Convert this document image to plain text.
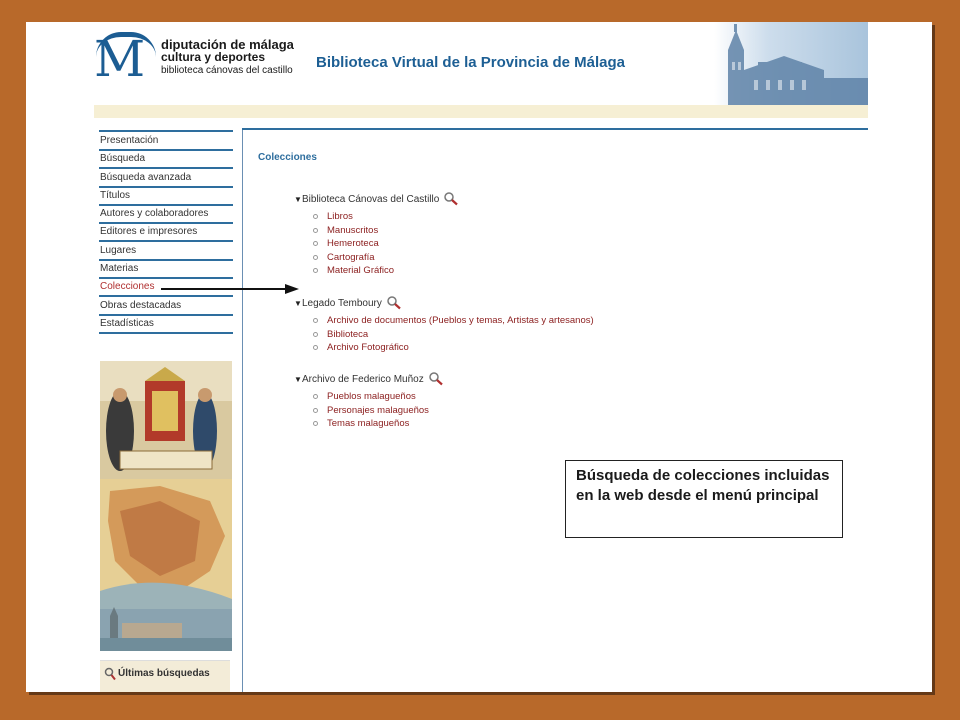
M diputación de málaga
cultura y deportes
biblioteca cánovas del castillo Biblioteca Virtual de la Provincia de Málaga
Presentación
Búsqueda
Búsqueda avanzada
Títulos
Autores y colaboradores
Editores e impresores
Lugares
Materias
Colecciones
Obras destacadas
Estadísticas
Últimas búsquedas
Colecciones
▼Biblioteca Cánovas del Castillo
Libros
Manuscritos
Hemeroteca
Cartografía
Material Gráfico
▼Legado Temboury
Archivo de documentos (Pueblos y temas, Artistas y artesanos)
Biblioteca
Archivo Fotográfico
▼Archivo de Federico Muñoz
Pueblos malagueños
Personajes malagueños
Temas malagueños
Búsqueda de colecciones incluidas en la web desde el menú principal
